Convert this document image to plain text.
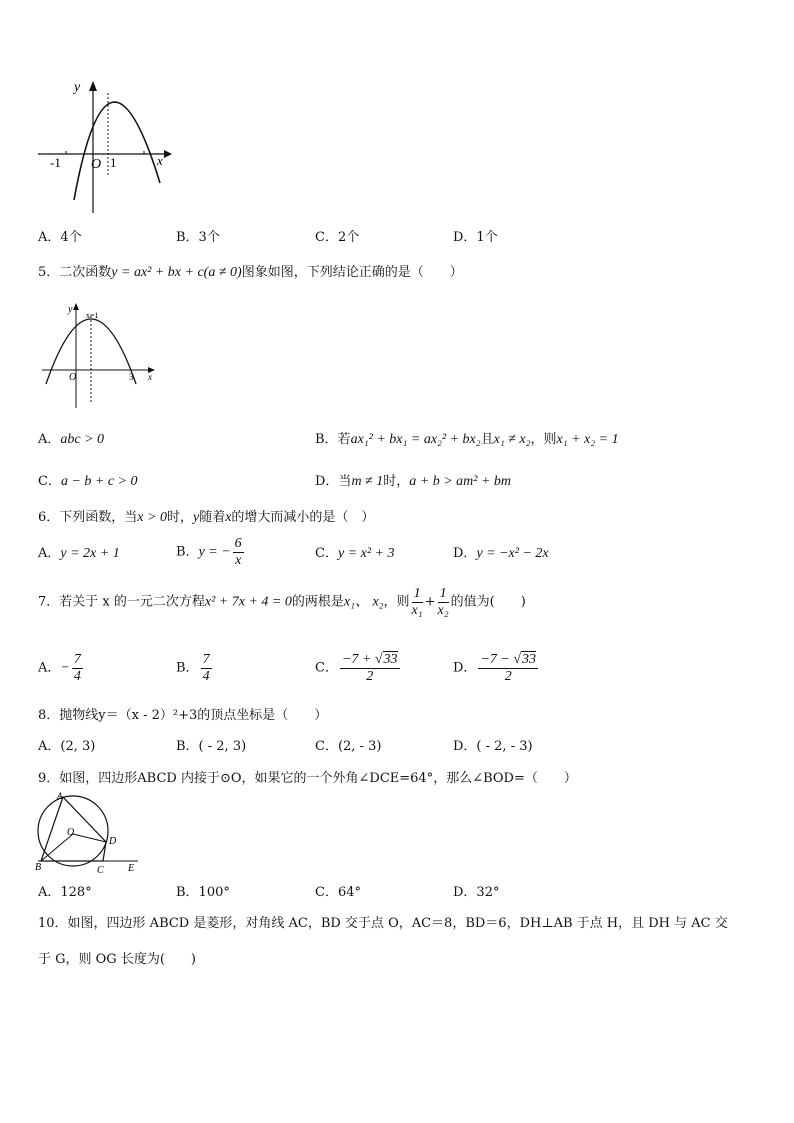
y
x
-1 O 1
A．4个	B．3个	C．2个	D．1个
5．二次函数y = ax² + bx + c(a ≠ 0)图象如图，下列结论正确的是（　　）
y
x=1
O	3 x
A．abc > 0	B．若ax₁² + bx₁ = ax₂² + bx₂且x₁ ≠ x₂，则x₁ + x₂ = 1
C．a − b + c > 0	D．当m ≠ 1时，a + b > am² + bm
6．下列函数，当x > 0时，y随着x的增大而减小的是（　）
A．y = 2x + 1	B．y = − $\frac{6}{x}$	C．y = x² + 3	D．y = −x² − 2x
7．若关于 x 的一元二次方程x² + 7x + 4 = 0的两根是x₁、 x₂，则 $\frac{1}{\text{x₁}} + \frac{1}{\text{x₂}}$ 的值为(　　)
A．− $\frac{7}{4}$	B． $\frac{7}{4}$	C． $\frac{-7 + √33}{2}$	D． $\frac{-7 - √33}{2}$
8．抛物线y＝（x - 2）²+3的顶点坐标是（　　）
A．(2, 3)	B．( - 2, 3)	C．(2, - 3)	D．( - 2, - 3)
9．如图，四边形ABCD 内接于⊙O，如果它的一个外角∠DCE=64°，那么∠BOD=（　　）
A
O
D
B	C E
A．128°	B．100°	C．64°	D．32°
10．如图，四边形 ABCD 是菱形，对角线 AC，BD 交于点 O，AC＝8，BD＝6，DH⊥AB 于点 H，且 DH 与 AC 交
于 G，则 OG 长度为(　　)
